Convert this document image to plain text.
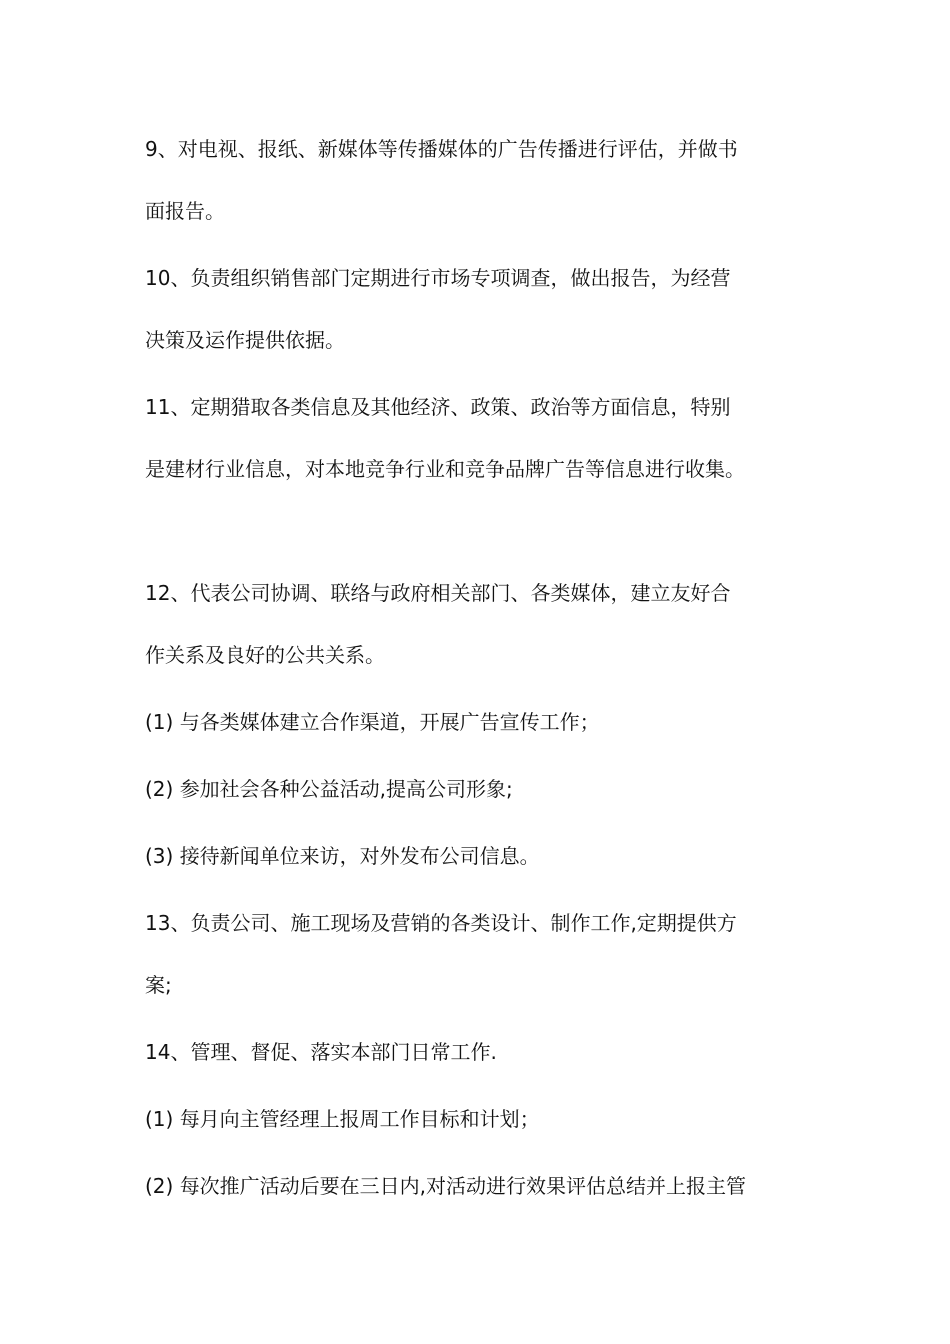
9、对电视、报纸、新媒体等传播媒体的广告传播进行评估，并做书
面报告。
10、负责组织销售部门定期进行市场专项调查，做出报告，为经营
决策及运作提供依据。
11、定期猎取各类信息及其他经济、政策、政治等方面信息，特别
是建材行业信息，对本地竞争行业和竞争品牌广告等信息进行收集。
12、代表公司协调、联络与政府相关部门、各类媒体，建立友好合
作关系及良好的公共关系。
(1) 与各类媒体建立合作渠道，开展广告宣传工作；
(2) 参加社会各种公益活动,提高公司形象;
(3) 接待新闻单位来访，对外发布公司信息。
13、负责公司、施工现场及营销的各类设计、制作工作,定期提供方
案;
14、管理、督促、落实本部门日常工作.
(1) 每月向主管经理上报周工作目标和计划；
(2) 每次推广活动后要在三日内,对活动进行效果评估总结并上报主管
